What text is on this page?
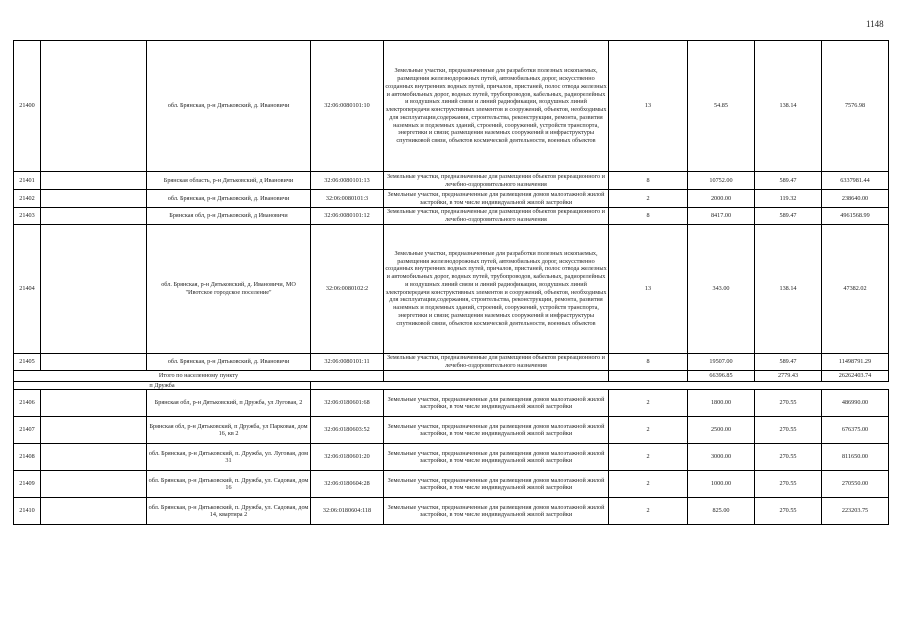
1148
21400		обл. Брянская, р-н Дятьковский, д. Ивановичи	32:06:0080101:10	Земельные участки, предназначенные для разработки полезных ископаемых, размещения железнодорожных путей, автомобильных дорог, искусственно созданных внутренних водных путей, причалов, пристаней, полос отвода железных и автомобильных дорог, водных путей, трубопроводов, кабельных, радиорелейных и воздушных линий связи и линий радиофикации, воздушных линий электропередачи конструктивных элементов и сооружений, объектов, необходимых для эксплуатации,содержания, строительства, реконструкции, ремонта, развития наземных и подземных зданий, строений, сооружений, устройств транспорта, энергетики и связи; размещения наземных сооружений и инфраструктуры спутниковой связи, объектов космической деятельности, военных объектов	13	54.85	138.14	7576.98
21401		Брянская область, р-н Дятьковский, д Ивановичи	32:06:0080101:13	Земельные участки, предназначенные для размещения объектов рекреационного и лечебно-оздоровительного назначения	8	10752.00	589.47	6337981.44
21402		обл. Брянская, р-н Дятьковский, д. Ивановичи	32:06:0080101:3	Земельные участки, предназначенные для размещения домов малоэтажной жилой застройки, в том числе индивидуальной жилой застройки	2	2000.00	119.32	238640.00
21403		Брянская обл, р-н Дятьковский, д Ивановичи	32:06:0080101:12	Земельные участки, предназначенные для размещения объектов рекреационного и лечебно-оздоровительного назначения	8	8417.00	589.47	4961568.99
21404		обл. Брянская, р-н Дятьковский, д. Ивановичи, МО "Ивотское городское поселение"	32:06:0080102:2	Земельные участки, предназначенные для разработки полезных ископаемых, размещения железнодорожных путей, автомобильных дорог, искусственно созданных внутренних водных путей, причалов, пристаней, полос отвода железных и автомобильных дорог, водных путей, трубопроводов, кабельных, радиорелейных и воздушных линий связи и линий радиофикации, воздушных линий электропередачи конструктивных элементов и сооружений, объектов, необходимых для эксплуатации,содержания, строительства, реконструкции, ремонта, развития наземных и подземных зданий, строений, сооружений, устройств транспорта, энергетики и связи; размещения наземных сооружений и инфраструктуры спутниковой связи, объектов космической деятельности, военных объектов	13	343.00	138.14	47382.02
21405		обл. Брянская, р-н Дятьковский, д. Ивановичи	32:06:0080101:11	Земельные участки, предназначенные для размещения объектов рекреационного и лечебно-оздоровительного назначения	8	19507.00	589.47	11498791.29
Итого по населенному пункту						66396.85	2779.43	26262403.74
п Дружба								
21406		Брянская обл, р-н Дятьковский, п Дружба, ул Луговая, 2	32:06:0180601:68	Земельные участки, предназначенные для размещения домов малоэтажной жилой застройки, в том числе индивидуальной жилой застройки	2	1800.00	270.55	486990.00
21407		Брянская обл, р-н Дятьковский, п Дружба, ул Парковая, дом 16, кв 2	32:06:0180603:52	Земельные участки, предназначенные для размещения домов малоэтажной жилой застройки, в том числе индивидуальной жилой застройки	2	2500.00	270.55	676375.00
21408		обл. Брянская, р-н Дятьковский, п. Дружба, ул. Луговая, дом 31	32:06:0180601:20	Земельные участки, предназначенные для размещения домов малоэтажной жилой застройки, в том числе индивидуальной жилой застройки	2	3000.00	270.55	811650.00
21409		обл. Брянская, р-н Дятьковский, п. Дружба, ул. Садовая, дом 16	32:06:0180604:28	Земельные участки, предназначенные для размещения домов малоэтажной жилой застройки, в том числе индивидуальной жилой застройки	2	1000.00	270.55	270550.00
21410		обл. Брянская, р-н Дятьковский, п. Дружба, ул. Садовая, дом 14, квартира 2	32:06:0180604:118	Земельные участки, предназначенные для размещения домов малоэтажной жилой застройки, в том числе индивидуальной жилой застройки	2	825.00	270.55	223203.75
